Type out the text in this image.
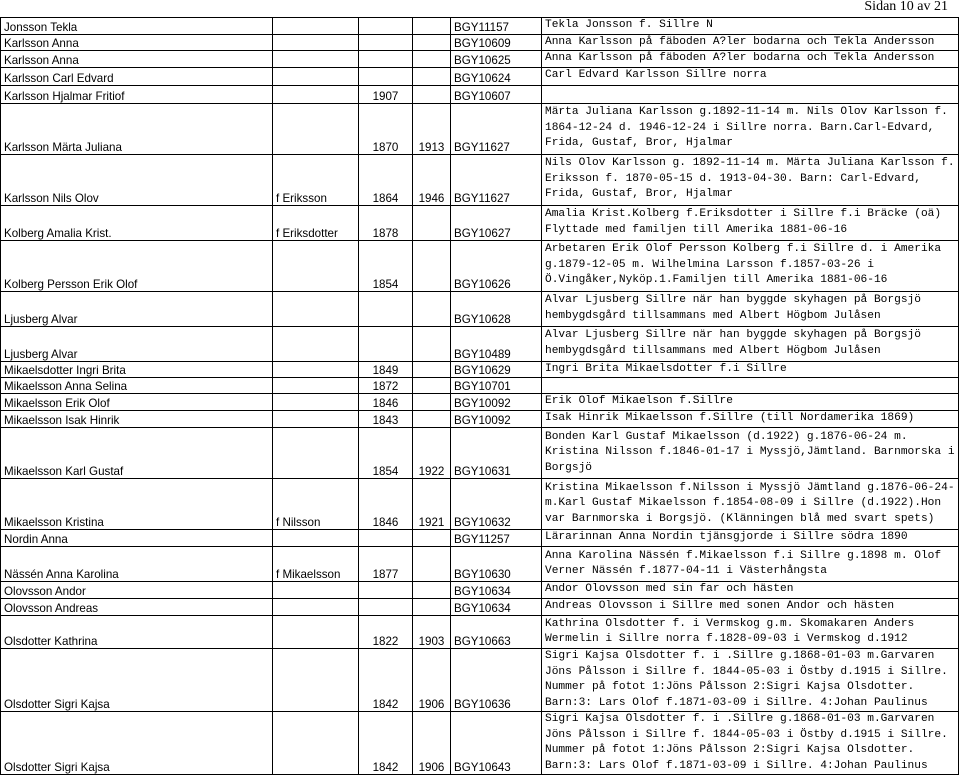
Sidan 10 av 21
Jonsson Tekla				BGY11157	Tekla Jonsson f. Sillre N
Karlsson Anna				BGY10609	Anna Karlsson på fäboden A?ler bodarna och Tekla Andersson
Karlsson Anna				BGY10625	Anna Karlsson på fäboden A?ler bodarna och Tekla Andersson
Karlsson Carl Edvard				BGY10624	Carl Edvard Karlsson Sillre norra
Karlsson Hjalmar Fritiof		1907		BGY10607	
Karlsson Märta Juliana		1870	1913	BGY11627	Märta Juliana Karlsson g.1892-11-14 m. Nils Olov Karlsson f. 1864-12-24 d. 1946-12-24 i Sillre norra. Barn.Carl-Edvard, Frida, Gustaf, Bror, Hjalmar
Karlsson Nils Olov	f Eriksson	1864	1946	BGY11627	Nils Olov Karlsson g. 1892-11-14 m. Märta Juliana Karlsson f. Eriksson f. 1870-05-15 d. 1913-04-30. Barn: Carl-Edvard, Frida, Gustaf, Bror, Hjalmar
Kolberg Amalia Krist.	f Eriksdotter	1878		BGY10627	Amalia Krist.Kolberg f.Eriksdotter i Sillre f.i Bräcke (oä) Flyttade med familjen till Amerika 1881-06-16
Kolberg Persson Erik Olof		1854		BGY10626	Arbetaren Erik Olof Persson Kolberg f.i Sillre d. i Amerika g.1879-12-05 m. Wilhelmina Larsson f.1857-03-26 i Ö.Vingåker,Nyköp.1.Familjen till Amerika 1881-06-16
Ljusberg Alvar				BGY10628	Alvar Ljusberg Sillre när han byggde skyhagen på Borgsjö hembygdsgård tillsammans med Albert Högbom Julåsen
Ljusberg Alvar				BGY10489	Alvar Ljusberg Sillre när han byggde skyhagen på Borgsjö hembygdsgård tillsammans med Albert Högbom Julåsen
Mikaelsdotter Ingri Brita		1849		BGY10629	Ingri Brita Mikaelsdotter f.i Sillre
Mikaelsson Anna Selina		1872		BGY10701	
Mikaelsson Erik Olof		1846		BGY10092	Erik Olof Mikaelson f.Sillre
Mikaelsson Isak Hinrik		1843		BGY10092	Isak Hinrik Mikaelsson f.Sillre (till Nordamerika 1869)
Mikaelsson Karl Gustaf		1854	1922	BGY10631	Bonden Karl Gustaf Mikaelsson (d.1922) g.1876-06-24 m. Kristina Nilsson f.1846-01-17 i Myssjö,Jämtland. Barnmorska i Borgsjö
Mikaelsson Kristina	f Nilsson	1846	1921	BGY10632	Kristina Mikaelsson f.Nilsson i Myssjö Jämtland g.1876-06-24-m.Karl Gustaf Mikaelsson f.1854-08-09 i Sillre (d.1922).Hon var Barnmorska i Borgsjö. (Klänningen blå med svart spets)
Nordin Anna				BGY11257	Lärarinnan Anna Nordin tjänsgjorde i Sillre södra 1890
Nässén Anna Karolina	f Mikaelsson	1877		BGY10630	Anna Karolina Nässén f.Mikaelsson f.i Sillre g.1898 m. Olof Verner Nässén f.1877-04-11 i Västerhångsta
Olovsson Andor				BGY10634	Andor Olovsson med sin far och hästen
Olovsson Andreas				BGY10634	Andreas Olovsson i Sillre med sonen Andor och hästen
Olsdotter Kathrina		1822	1903	BGY10663	Kathrina Olsdotter f. i Vermskog g.m. Skomakaren Anders Wermelin i Sillre norra f.1828-09-03 i Vermskog d.1912
Olsdotter Sigri Kajsa		1842	1906	BGY10636	Sigri Kajsa Olsdotter f. i .Sillre g.1868-01-03 m.Garvaren Jöns Pålsson i Sillre f. 1844-05-03 i Östby d.1915 i Sillre. Nummer på fotot 1:Jöns Pålsson 2:Sigri Kajsa Olsdotter. Barn:3: Lars Olof f.1871-03-09 i Sillre. 4:Johan Paulinus
Olsdotter Sigri Kajsa		1842	1906	BGY10643	Sigri Kajsa Olsdotter f. i .Sillre g.1868-01-03 m.Garvaren Jöns Pålsson i Sillre f. 1844-05-03 i Östby d.1915 i Sillre. Nummer på fotot 1:Jöns Pålsson 2:Sigri Kajsa Olsdotter. Barn:3: Lars Olof f.1871-03-09 i Sillre. 4:Johan Paulinus
